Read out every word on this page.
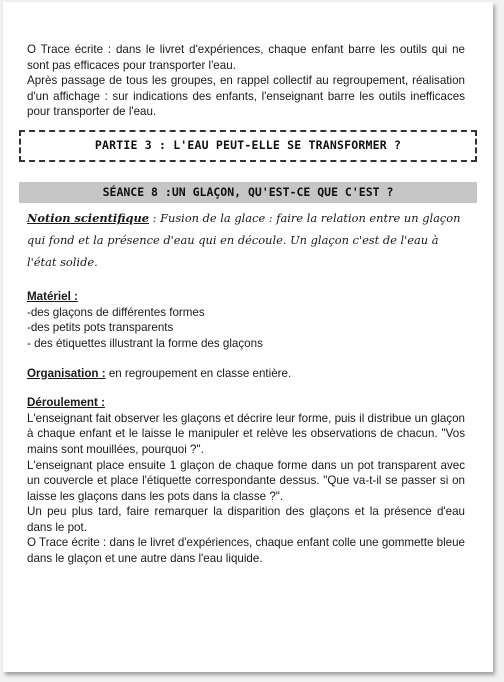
O Trace écrite : dans le livret d'expériences, chaque enfant barre les outils qui ne sont pas efficaces pour transporter l'eau.

Après passage de tous les groupes, en rappel collectif au regroupement, réalisation d'un affichage : sur indications des enfants, l'enseignant barre les outils inefficaces pour transporter de l'eau.

PARTIE 3 : L'EAU PEUT-ELLE SE TRANSFORMER ?
SÉANCE 8 :UN GLAÇON, QU'EST-CE QUE C'EST ?
Notion scientifique : Fusion de la glace : faire la relation entre un glaçon qui fond et la présence d'eau qui en découle. Un glaçon c'est de l'eau à l'état solide.

Matériel :

-des glaçons de différentes formes

-des petits pots transparents

- des étiquettes illustrant la forme des glaçons

Organisation : en regroupement en classe entière.

Déroulement :

L'enseignant fait observer les glaçons et décrire leur forme, puis il distribue un glaçon à chaque enfant et le laisse le manipuler et relève les observations de chacun. "Vos mains sont mouillées, pourquoi ?".

L'enseignant place ensuite 1 glaçon de chaque forme dans un pot transparent avec un couvercle et place l'étiquette correspondante dessus. "Que va-t-il se passer si on laisse les glaçons dans les pots dans la classe ?".

Un peu plus tard, faire remarquer la disparition des glaçons et la présence d'eau dans le pot.

O Trace écrite : dans le livret d'expériences, chaque enfant colle une gommette bleue dans le glaçon et une autre dans l'eau liquide.
